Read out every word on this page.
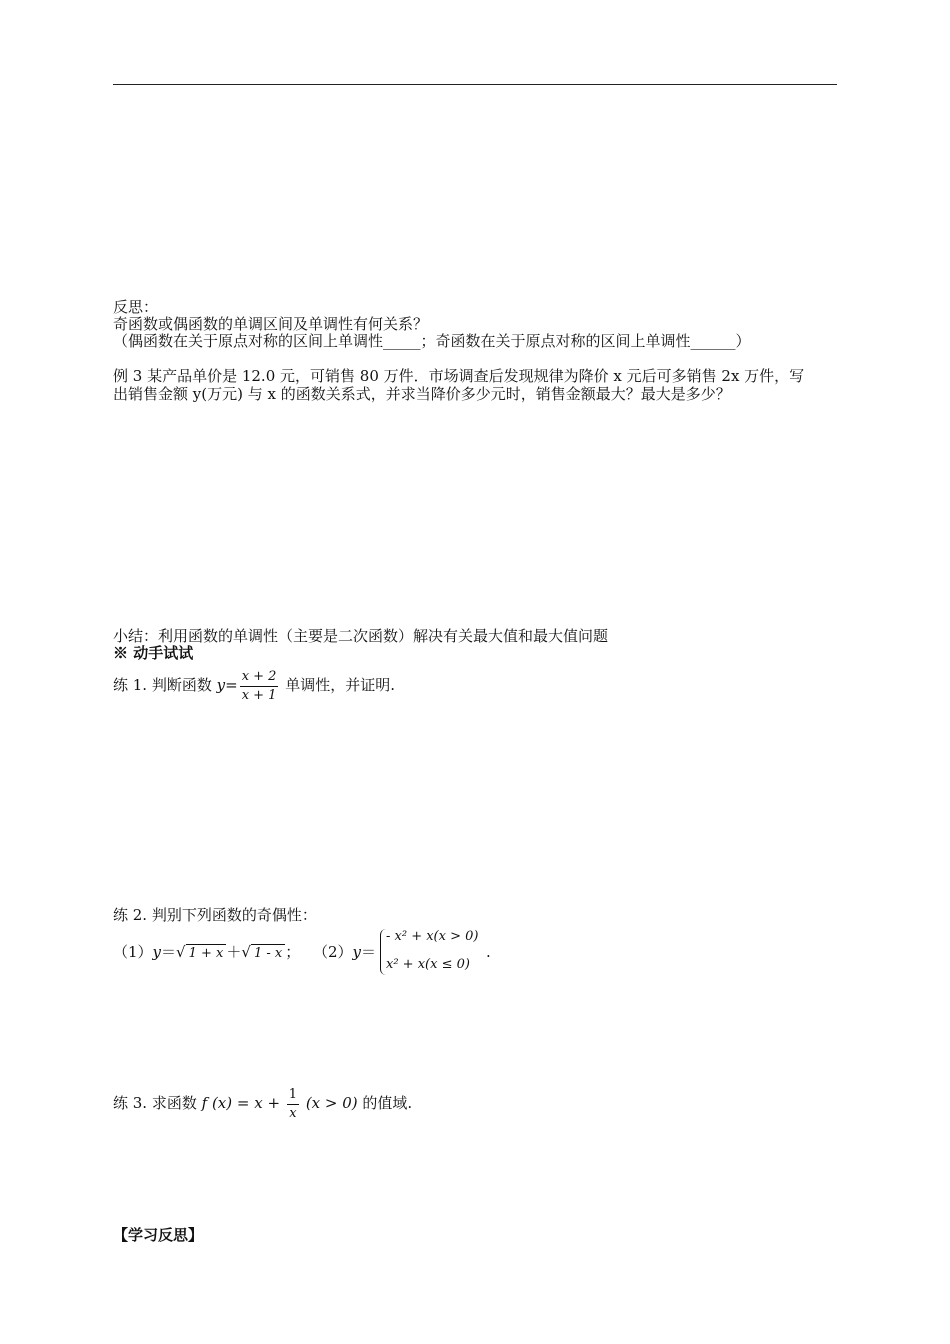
反思：
奇函数或偶函数的单调区间及单调性有何关系？
（偶函数在关于原点对称的区间上单调性_____；奇函数在关于原点对称的区间上单调性______）
例 3 某产品单价是 12.0 元，可销售 80 万件．市场调查后发现规律为降价 x 元后可多销售 2x 万件，写
出销售金额 y(万元) 与 x 的函数关系式，并求当降价多少元时，销售金额最大？最大是多少？
小结：利用函数的单调性（主要是二次函数）解决有关最大值和最大值问题
※ 动手试试
练 1. 判断函数 $y= \frac{x + 2}{x + 1}$ 单调性，并证明.
练 2. 判别下列函数的奇偶性：
（1）y＝√ 1 + x ＋√ 1 - x ； （2）y＝
- x² + x(x > 0)
x² + x(x ≤ 0)
.
练 3. 求函数 f $(x) = x + \frac{1}{x} (x > 0)$ 的值域.
【学习反思】
